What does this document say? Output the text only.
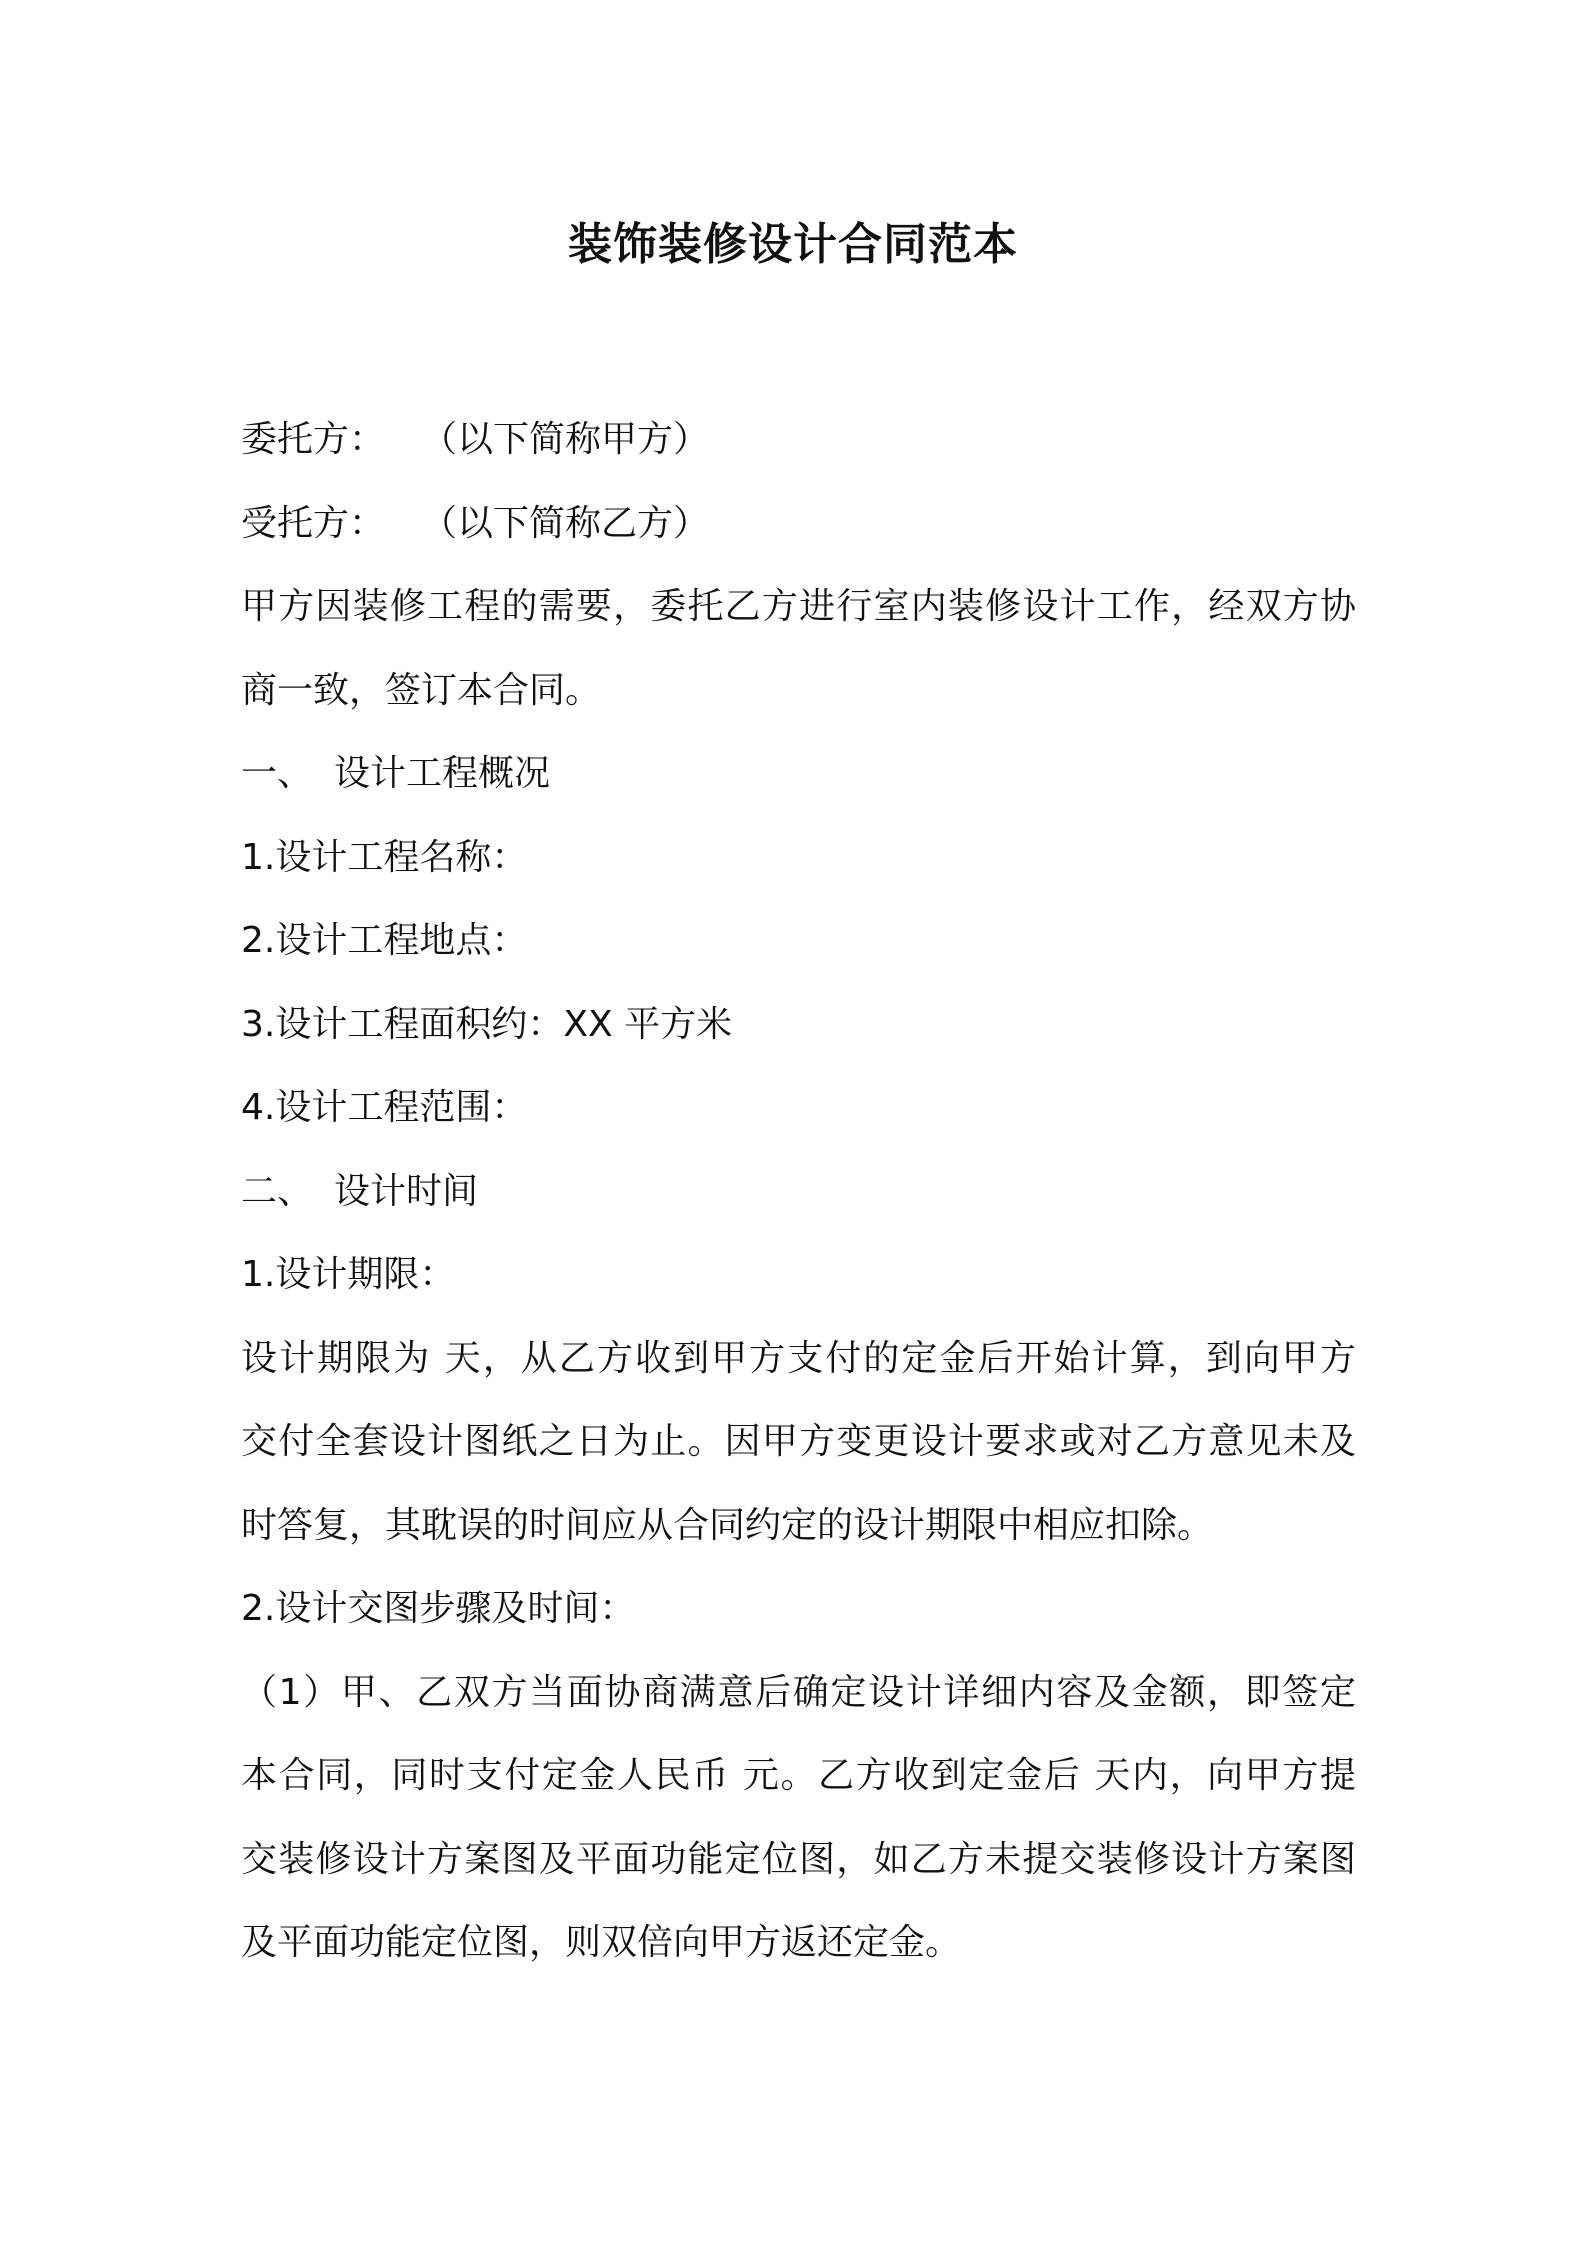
装饰装修设计合同范本
委托方： （以下简称甲方）
受托方： （以下简称乙方）
甲方因装修工程的需要，委托乙方进行室内装修设计工作，经双方协
商一致，签订本合同。
一、 设计工程概况
1.设计工程名称：
2.设计工程地点：
3.设计工程面积约：XX 平方米
4.设计工程范围：
二、 设计时间
1.设计期限：
设计期限为 天，从乙方收到甲方支付的定金后开始计算，到向甲方
交付全套设计图纸之日为止。因甲方变更设计要求或对乙方意见未及
时答复，其耽误的时间应从合同约定的设计期限中相应扣除。
2.设计交图步骤及时间：
（1）甲、乙双方当面协商满意后确定设计详细内容及金额，即签定
本合同，同时支付定金人民币 元。乙方收到定金后 天内，向甲方提
交装修设计方案图及平面功能定位图，如乙方未提交装修设计方案图
及平面功能定位图，则双倍向甲方返还定金。
